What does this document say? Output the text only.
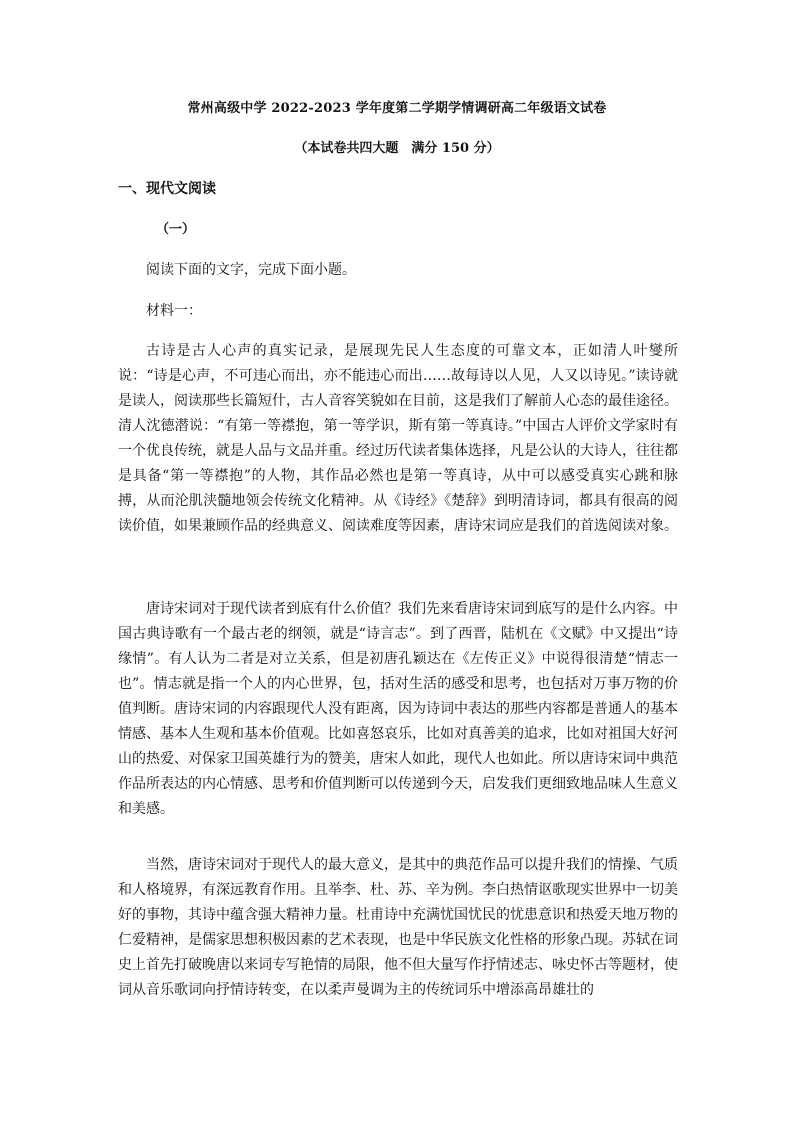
常州高级中学 2022-2023 学年度第二学期学情调研高二年级语文试卷
（本试卷共四大题　满分 150 分）
一、现代文阅读
（一）
阅读下面的文字，完成下面小题。
材料一：

古诗是古人心声的真实记录，是展现先民人生态度的可靠文本，正如清人叶燮所说：“诗是心声，不可违心而出，亦不能违心而出……故每诗以人见，人又以诗见。”读诗就是读人，阅读那些长篇短什，古人音容笑貌如在目前，这是我们了解前人心态的最佳途径。清人沈德潜说：“有第一等襟抱，第一等学识，斯有第一等真诗。”中国古人评价文学家时有一个优良传统，就是人品与文品并重。经过历代读者集体选择，凡是公认的大诗人，往往都是具备“第一等襟抱”的人物，其作品必然也是第一等真诗，从中可以感受真实心跳和脉搏，从而沦肌浃髓地领会传统文化精神。从《诗经》《楚辞》到明清诗词，都具有很高的阅读价值，如果兼顾作品的经典意义、阅读难度等因素，唐诗宋词应是我们的首选阅读对象。

唐诗宋词对于现代读者到底有什么价值？我们先来看唐诗宋词到底写的是什么内容。中国古典诗歌有一个最古老的纲领，就是“诗言志”。到了西晋，陆机在《文赋》中又提出“诗缘情”。有人认为二者是对立关系，但是初唐孔颖达在《左传正义》中说得很清楚“情志一也”。情志就是指一个人的内心世界，包，括对生活的感受和思考，也包括对万事万物的价值判断。唐诗宋词的内容跟现代人没有距离，因为诗词中表达的那些内容都是普通人的基本情感、基本人生观和基本价值观。比如喜怒哀乐，比如对真善美的追求，比如对祖国大好河山的热爱、对保家卫国英雄行为的赞美，唐宋人如此，现代人也如此。所以唐诗宋词中典范作品所表达的内心情感、思考和价值判断可以传递到今天，启发我们更细致地品味人生意义和美感。

当然，唐诗宋词对于现代人的最大意义，是其中的典范作品可以提升我们的情操、气质和人格境界，有深远教育作用。且举李、杜、苏、辛为例。李白热情讴歌现实世界中一切美好的事物，其诗中蕴含强大精神力量。杜甫诗中充满忧国忧民的忧患意识和热爱天地万物的仁爱精神，是儒家思想积极因素的艺术表现，也是中华民族文化性格的形象凸现。苏轼在词史上首先打破晚唐以来词专写艳情的局限，他不但大量写作抒情述志、咏史怀古等题材，使词从音乐歌词向抒情诗转变，在以柔声曼调为主的传统词乐中增添高昂雄壮的
